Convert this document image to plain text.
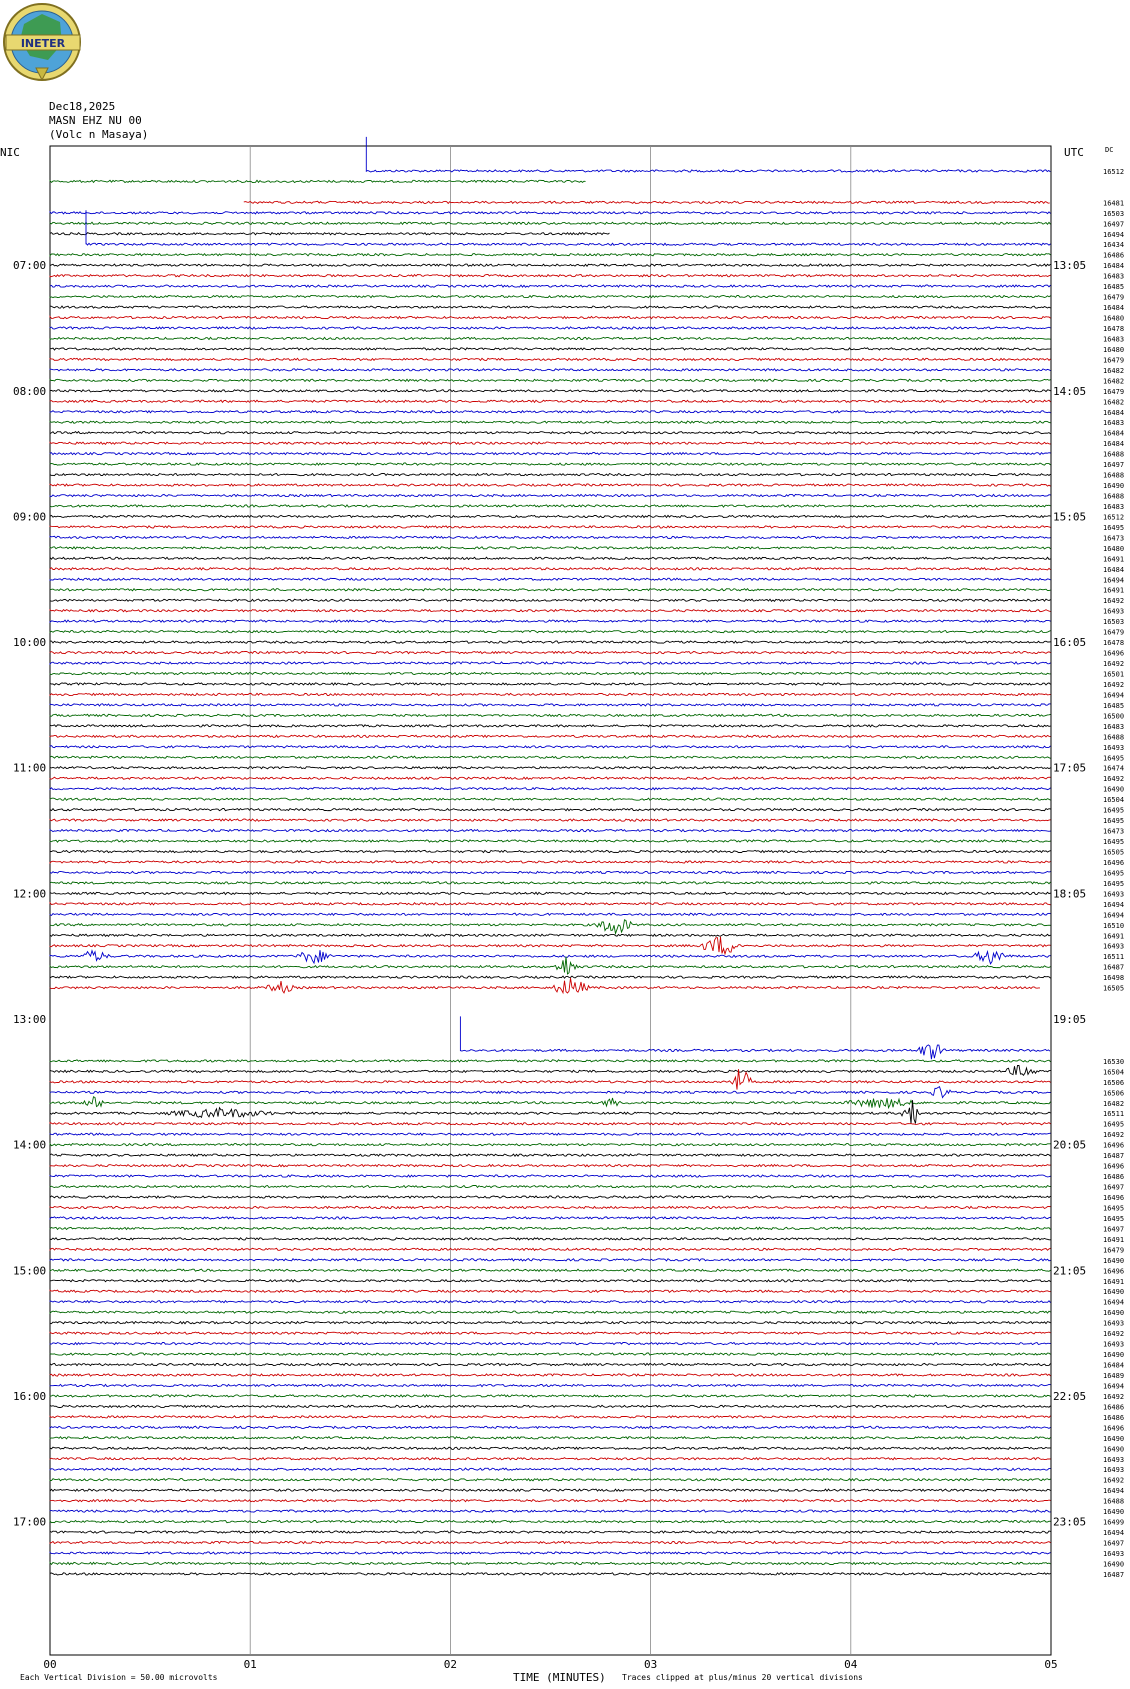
INETER
Dec18,2025
MASN EHZ NU 00
(Volc n Masaya)
NIC	UTC	DC
00	01	02	03	04	05
07:00
08:00
09:00
10:00
11:00
12:00
13:00
14:00
15:00
16:00
17:00
13:05
14:05
15:05
16:05
17:05
18:05
19:05
20:05
21:05
22:05
23:05
16512
16481
16503
16497
16494
16434
16486
16484
16483
16485
16479
16484
16480
16478
16483
16480
16479
16482
16482
16479
16482
16484
16483
16484
16484
16488
16497
16488
16490
16488
16483
16512
16495
16473
16480
16491
16484
16494
16491
16492
16493
16503
16479
16478
16496
16492
16501
16492
16494
16485
16500
16483
16488
16493
16495
16474
16492
16490
16504
16495
16495
16473
16495
16505
16496
16495
16495
16493
16494
16494
16510
16491
16493
16511
16487
16498
16505
16530
16504
16506
16506
16482
16511
16495
16492
16496
16487
16496
16486
16497
16496
16495
16495
16497
16491
16479
16490
16496
16491
16490
16494
16490
16493
16492
16493
16490
16484
16489
16494
16492
16486
16486
16496
16490
16490
16493
16493
16492
16494
16488
16490
16499
16494
16497
16493
16490
16487
Each Vertical Division = 50.00 microvolts	TIME (MINUTES) Traces clipped at plus/minus 20 vertical divisions
